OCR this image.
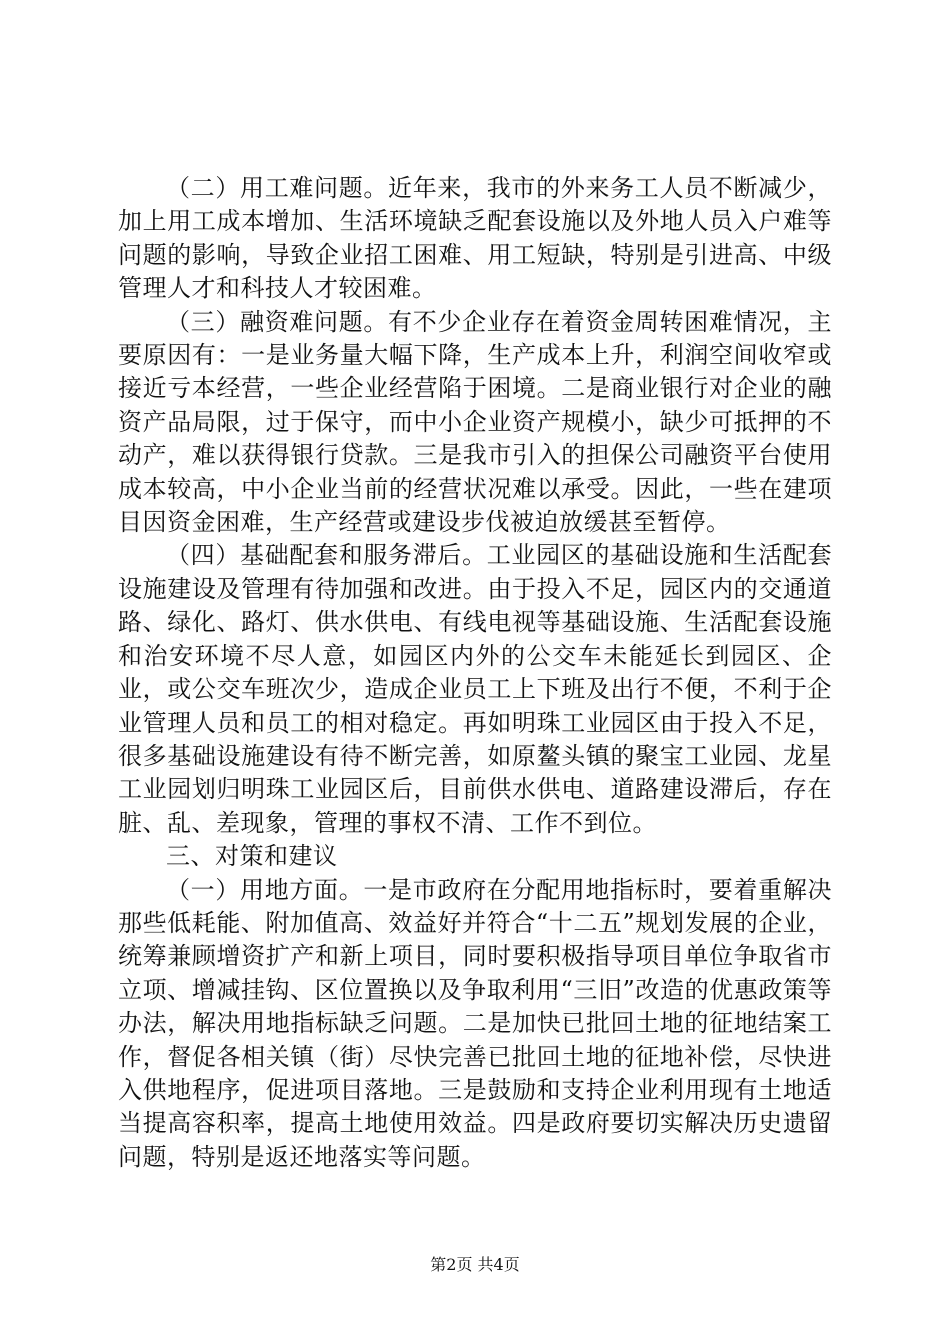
（二）用工难问题。近年来，我市的外来务工人员不断减少，加上用工成本增加、生活环境缺乏配套设施以及外地人员入户难等问题的影响，导致企业招工困难、用工短缺，特别是引进高、中级管理人才和科技人才较困难。

（三）融资难问题。有不少企业存在着资金周转困难情况，主要原因有：一是业务量大幅下降，生产成本上升，利润空间收窄或接近亏本经营，一些企业经营陷于困境。二是商业银行对企业的融资产品局限，过于保守，而中小企业资产规模小，缺少可抵押的不动产，难以获得银行贷款。三是我市引入的担保公司融资平台使用成本较高，中小企业当前的经营状况难以承受。因此，一些在建项目因资金困难，生产经营或建设步伐被迫放缓甚至暂停。

（四）基础配套和服务滞后。工业园区的基础设施和生活配套设施建设及管理有待加强和改进。由于投入不足，园区内的交通道路、绿化、路灯、供水供电、有线电视等基础设施、生活配套设施和治安环境不尽人意，如园区内外的公交车未能延长到园区、企业，或公交车班次少，造成企业员工上下班及出行不便，不利于企业管理人员和员工的相对稳定。再如明珠工业园区由于投入不足，很多基础设施建设有待不断完善，如原鳌头镇的聚宝工业园、龙星工业园划归明珠工业园区后，目前供水供电、道路建设滞后，存在脏、乱、差现象，管理的事权不清、工作不到位。

三、对策和建议

（一）用地方面。一是市政府在分配用地指标时，要着重解决那些低耗能、附加值高、效益好并符合“十二五”规划发展的企业，统筹兼顾增资扩产和新上项目，同时要积极指导项目单位争取省市立项、增减挂钩、区位置换以及争取利用“三旧”改造的优惠政策等办法，解决用地指标缺乏问题。二是加快已批回土地的征地结案工作，督促各相关镇（街）尽快完善已批回土地的征地补偿，尽快进入供地程序，促进项目落地。三是鼓励和支持企业利用现有土地适当提高容积率，提高土地使用效益。四是政府要切实解决历史遗留问题，特别是返还地落实等问题。

第2页 共4页
